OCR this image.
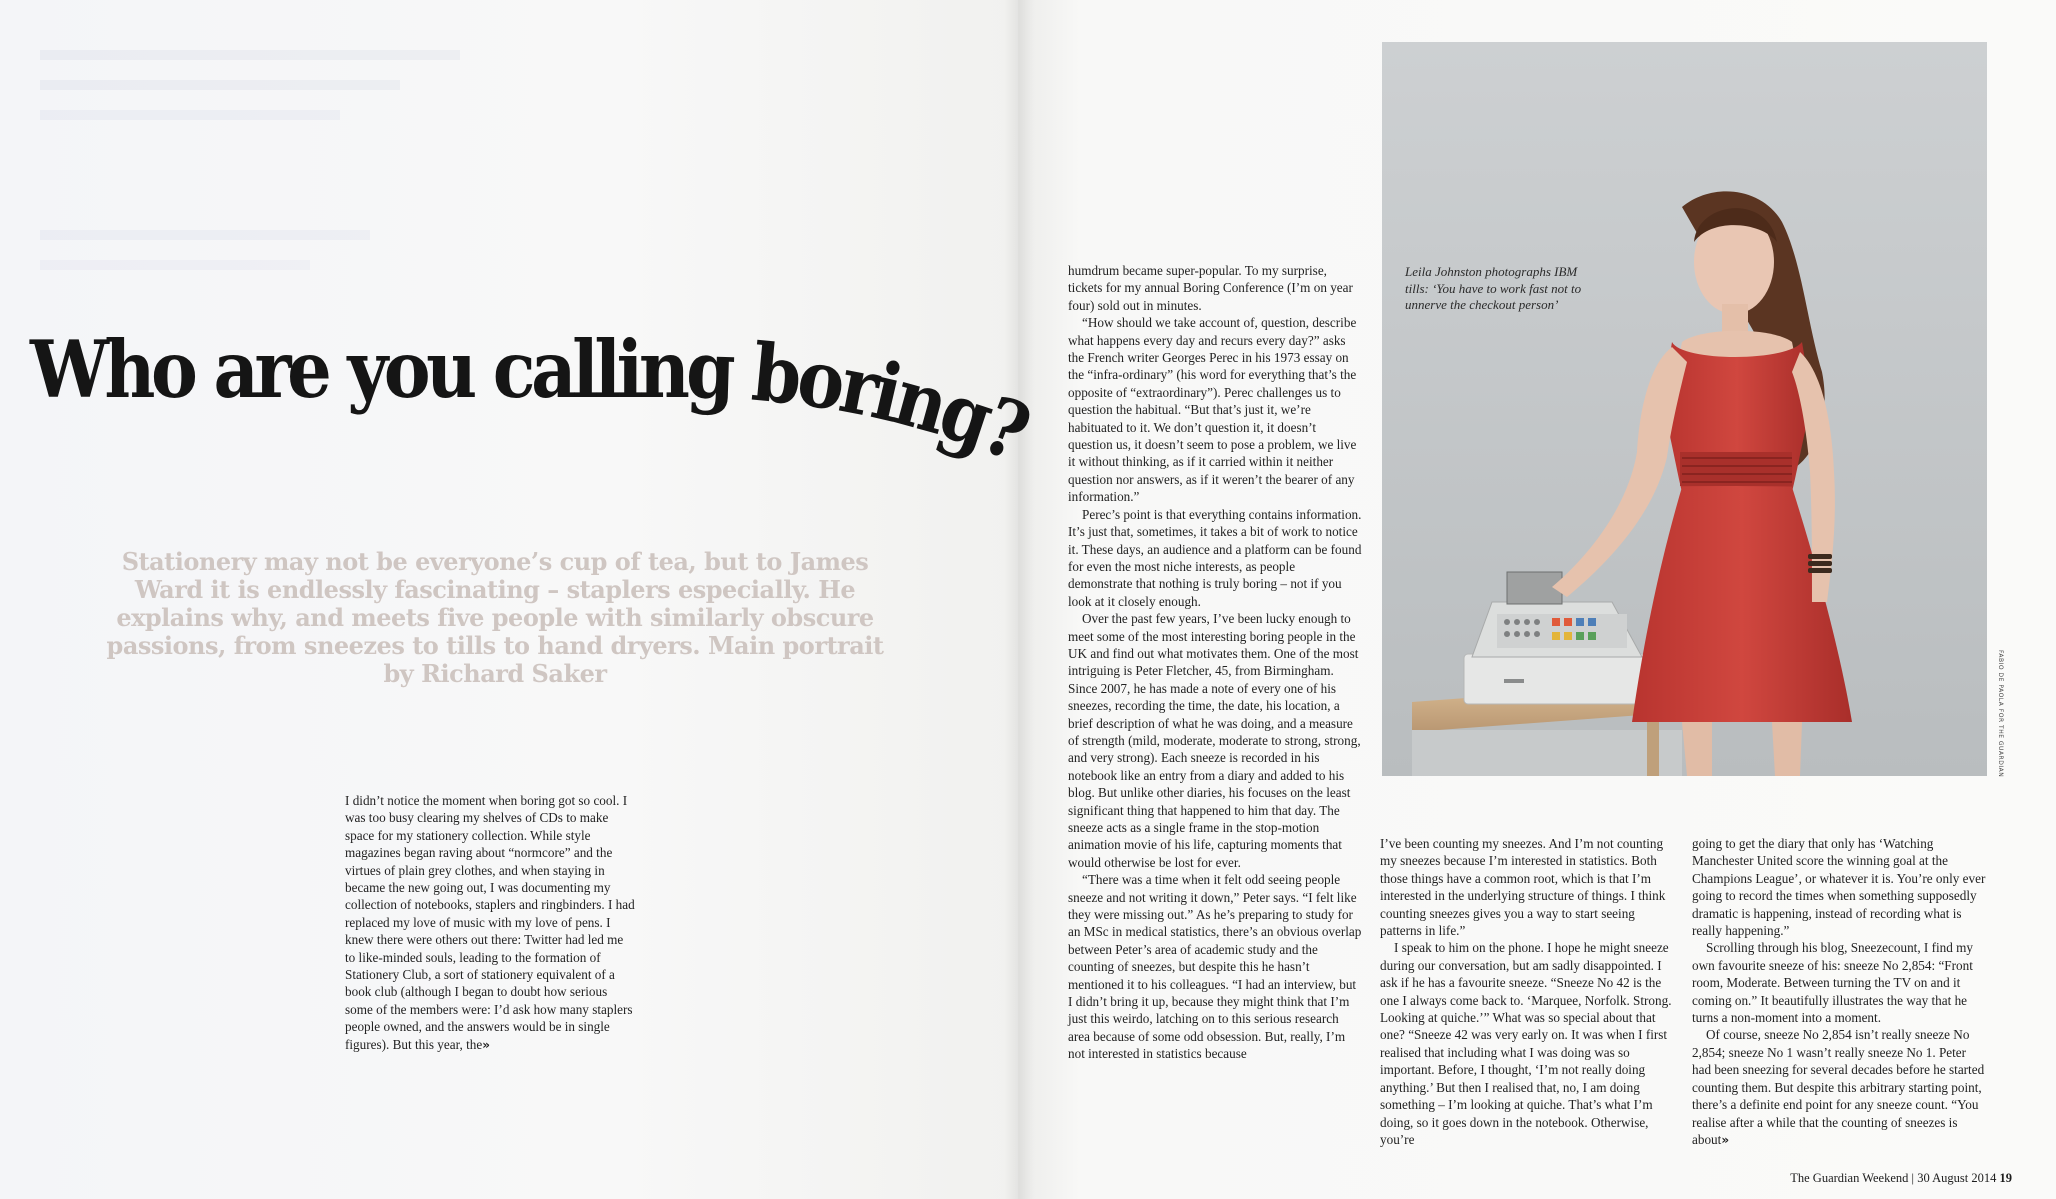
Who are you calling boring?
Stationery may not be everyone’s cup of tea, but to James Ward it is endlessly fascinating – staplers especially. He explains why, and meets five people with similarly obscure passions, from sneezes to tills to hand dryers. Main portrait by Richard Saker

I didn’t notice the moment when boring got so cool. I was too busy clearing my shelves of CDs to make space for my stationery collection. While style magazines began raving about “normcore” and the virtues of plain grey clothes, and when staying in became the new going out, I was documenting my collection of notebooks, staplers and ringbinders. I had replaced my love of music with my love of pens. I knew there were others out there: Twitter had led me to like-minded souls, leading to the formation of Stationery Club, a sort of stationery equivalent of a book club (although I began to doubt how serious some of the members were: I’d ask how many staplers people owned, and the answers would be in single figures). But this year, the»

humdrum became super-popular. To my surprise, tickets for my annual Boring Conference (I’m on year four) sold out in minutes.

“How should we take account of, question, describe what happens every day and recurs every day?” asks the French writer Georges Perec in his 1973 essay on the “infra-ordinary” (his word for everything that’s the opposite of “extraordinary”). Perec challenges us to question the habitual. “But that’s just it, we’re habituated to it. We don’t question it, it doesn’t question us, it doesn’t seem to pose a problem, we live it without thinking, as if it carried within it neither question nor answers, as if it weren’t the bearer of any information.”

Perec’s point is that everything contains information. It’s just that, sometimes, it takes a bit of work to notice it. These days, an audience and a platform can be found for even the most niche interests, as people demonstrate that nothing is truly boring – not if you look at it closely enough.

Over the past few years, I’ve been lucky enough to meet some of the most interesting boring people in the UK and find out what motivates them. One of the most intriguing is Peter Fletcher, 45, from Birmingham. Since 2007, he has made a note of every one of his sneezes, recording the time, the date, his location, a brief description of what he was doing, and a measure of strength (mild, moderate, moderate to strong, strong, and very strong). Each sneeze is recorded in his notebook like an entry from a diary and added to his blog. But unlike other diaries, his focuses on the least significant thing that happened to him that day. The sneeze acts as a single frame in the stop-motion animation movie of his life, capturing moments that would otherwise be lost for ever.

“There was a time when it felt odd seeing people sneeze and not writing it down,” Peter says. “I felt like they were missing out.” As he’s preparing to study for an MSc in medical statistics, there’s an obvious overlap between Peter’s area of academic study and the counting of sneezes, but despite this he hasn’t mentioned it to his colleagues. “I had an interview, but I didn’t bring it up, because they might think that I’m just this weirdo, latching on to this serious research area because of some odd obsession. But, really, I’m not interested in statistics because

Leila Johnston photographs IBM tills: ‘You have to work fast not to unnerve the checkout person’
FABIO DE PAOLA FOR THE GUARDIAN

I’ve been counting my sneezes. And I’m not counting my sneezes because I’m interested in statistics. Both those things have a common root, which is that I’m interested in the underlying structure of things. I think counting sneezes gives you a way to start seeing patterns in life.”

I speak to him on the phone. I hope he might sneeze during our conversation, but am sadly disappointed. I ask if he has a favourite sneeze. “Sneeze No 42 is the one I always come back to. ‘Marquee, Norfolk. Strong. Looking at quiche.’” What was so special about that one? “Sneeze 42 was very early on. It was when I first realised that including what I was doing was so important. Before, I thought, ‘I’m not really doing anything.’ But then I realised that, no, I am doing something – I’m looking at quiche. That’s what I’m doing, so it goes down in the notebook. Otherwise, you’re

going to get the diary that only has ‘Watching Manchester United score the winning goal at the Champions League’, or whatever it is. You’re only ever going to record the times when something supposedly dramatic is happening, instead of recording what is really happening.”

Scrolling through his blog, Sneezecount, I find my own favourite sneeze of his: sneeze No 2,854: “Front room, Moderate. Between turning the TV on and it coming on.” It beautifully illustrates the way that he turns a non-moment into a moment.

Of course, sneeze No 2,854 isn’t really sneeze No 2,854; sneeze No 1 wasn’t really sneeze No 1. Peter had been sneezing for several decades before he started counting them. But despite this arbitrary starting point, there’s a definite end point for any sneeze count. “You realise after a while that the counting of sneezes is about»

The Guardian Weekend | 30 August 2014 19
